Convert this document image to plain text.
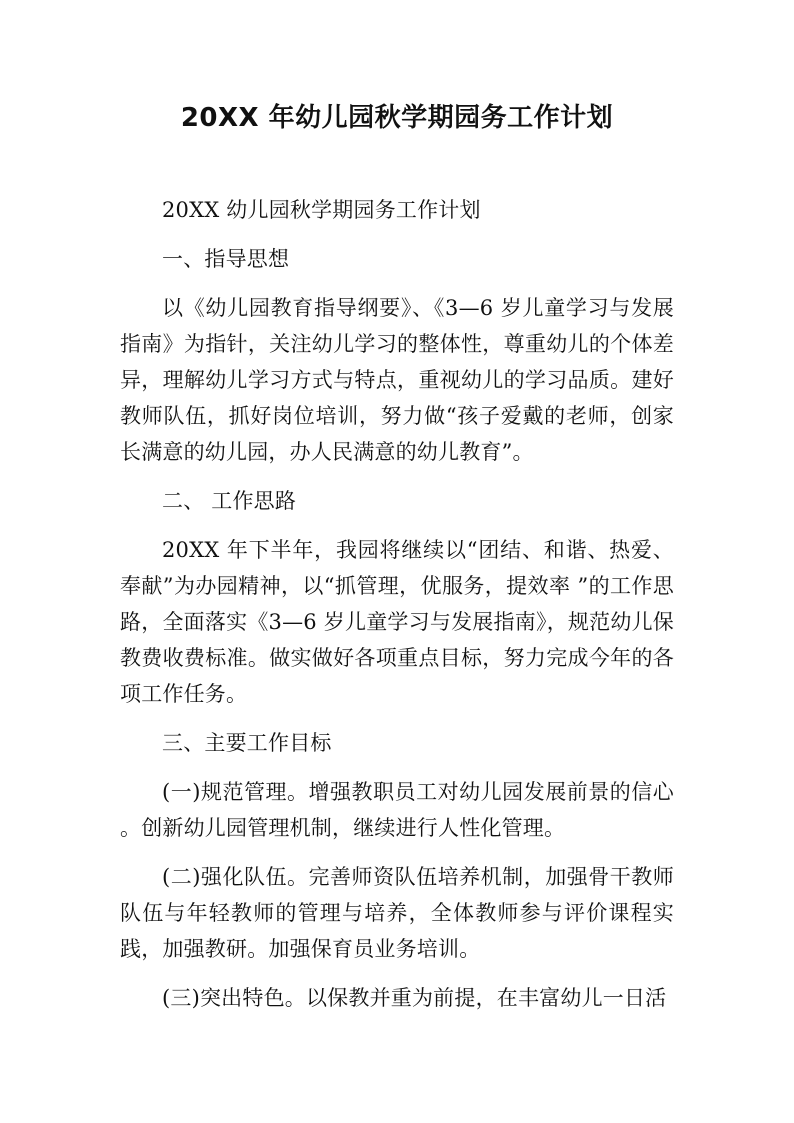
20XX 年幼儿园秋学期园务工作计划

20XX 幼儿园秋学期园务工作计划

一、指导思想

以《幼儿园教育指导纲要》、《3—6 岁儿童学习与发展指南》为指针，关注幼儿学习的整体性，尊重幼儿的个体差异，理解幼儿学习方式与特点，重视幼儿的学习品质。建好教师队伍，抓好岗位培训，努力做“孩子爱戴的老师，创家长满意的幼儿园，办人民满意的幼儿教育”。

二、 工作思路

20XX 年下半年，我园将继续以“团结、和谐、热爱、奉献”为办园精神，以“抓管理，优服务，提效率 ”的工作思路，全面落实《3—6 岁儿童学习与发展指南》，规范幼儿保教费收费标准。做实做好各项重点目标，努力完成今年的各项工作任务。

三、主要工作目标

(一)规范管理。增强教职员工对幼儿园发展前景的信心 。创新幼儿园管理机制，继续进行人性化管理。

(二)强化队伍。完善师资队伍培养机制，加强骨干教师队伍与年轻教师的管理与培养，全体教师参与评价课程实践，加强教研。加强保育员业务培训。

(三)突出特色。以保教并重为前提，在丰富幼儿一日活
